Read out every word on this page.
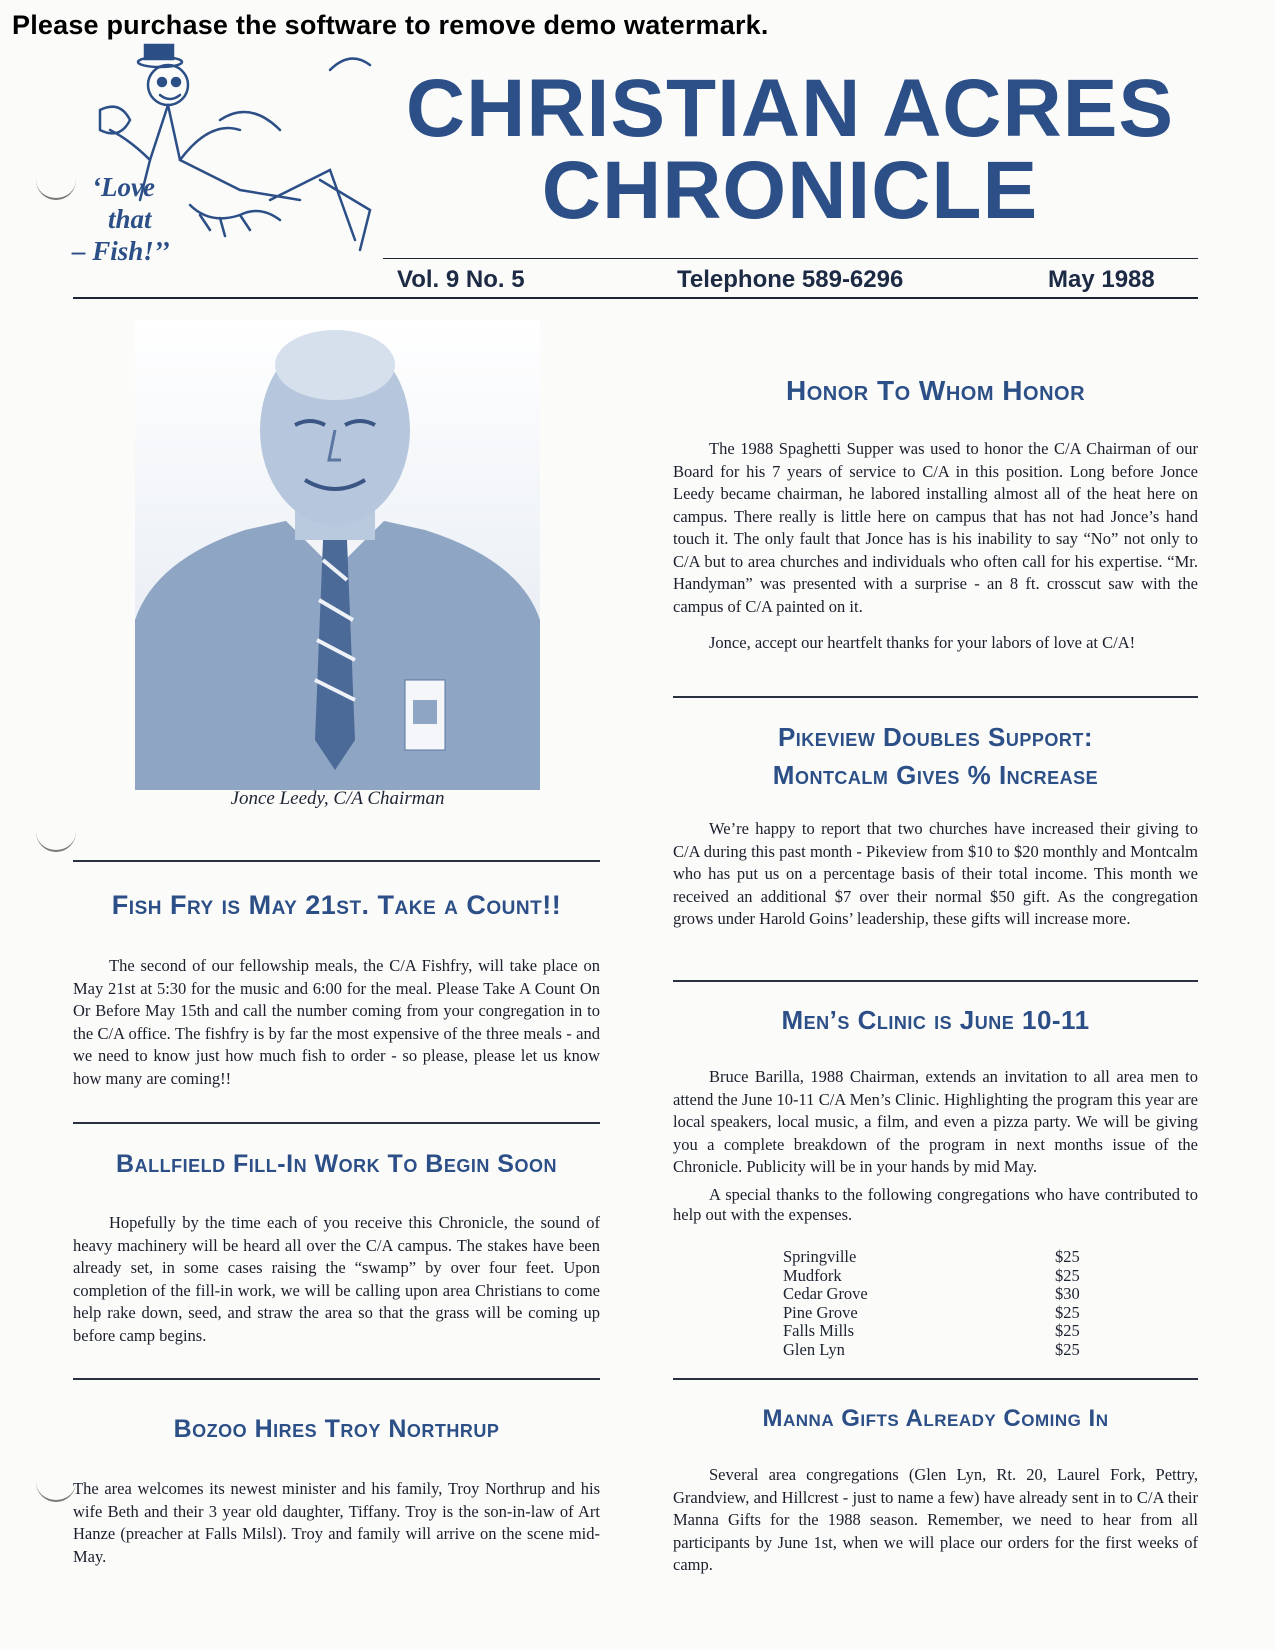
Please purchase the software to remove demo watermark.
‘Love
that
– Fish!’’
CHRISTIAN ACRES
CHRONICLE
Vol. 9 No. 5	Telephone 589-6296	May 1988
Jonce Leedy, C/A Chairman
Fish Fry is May 21st. Take a Count!!

The second of our fellowship meals, the C/A Fishfry, will take place on May 21st at 5:30 for the music and 6:00 for the meal. Please Take A Count On Or Before May 15th and call the number coming from your congregation in to the C/A office. The fishfry is by far the most expensive of the three meals - and we need to know just how much fish to order - so please, please let us know how many are coming!!

Ballfield Fill-In Work To Begin Soon

Hopefully by the time each of you receive this Chronicle, the sound of heavy machinery will be heard all over the C/A campus. The stakes have been already set, in some cases raising the “swamp” by over four feet. Upon completion of the fill-in work, we will be calling upon area Christians to come help rake down, seed, and straw the area so that the grass will be coming up before camp begins.

Bozoo Hires Troy Northrup

The area welcomes its newest minister and his family, Troy Northrup and his wife Beth and their 3 year old daughter, Tiffany. Troy is the son-in-law of Art Hanze (preacher at Falls Milsl). Troy and family will arrive on the scene mid-May.

Honor To Whom Honor

The 1988 Spaghetti Supper was used to honor the C/A Chairman of our Board for his 7 years of service to C/A in this position. Long before Jonce Leedy became chairman, he labored installing almost all of the heat here on campus. There really is little here on campus that has not had Jonce’s hand touch it. The only fault that Jonce has is his inability to say “No” not only to C/A but to area churches and individuals who often call for his expertise. “Mr. Handyman” was presented with a surprise - an 8 ft. crosscut saw with the campus of C/A painted on it.

Jonce, accept our heartfelt thanks for your labors of love at C/A!

Pikeview Doubles Support:
Montcalm Gives % Increase

We’re happy to report that two churches have increased their giving to C/A during this past month - Pikeview from $10 to $20 monthly and Montcalm who has put us on a percentage basis of their total income. This month we received an additional $7 over their normal $50 gift. As the congregation grows under Harold Goins’ leadership, these gifts will increase more.

Men’s Clinic is June 10-11

Bruce Barilla, 1988 Chairman, extends an invitation to all area men to attend the June 10-11 C/A Men’s Clinic. Highlighting the program this year are local speakers, local music, a film, and even a pizza party. We will be giving you a complete breakdown of the program in next months issue of the Chronicle. Publicity will be in your hands by mid May.

A special thanks to the following congregations who have contributed to help out with the expenses.

Springville	$25
Mudfork	$25
Cedar Grove	$30
Pine Grove	$25
Falls Mills	$25
Glen Lyn	$25
Manna Gifts Already Coming In

Several area congregations (Glen Lyn, Rt. 20, Laurel Fork, Pettry, Grandview, and Hillcrest - just to name a few) have already sent in to C/A their Manna Gifts for the 1988 season. Remember, we need to hear from all participants by June 1st, when we will place our orders for the first weeks of camp.
